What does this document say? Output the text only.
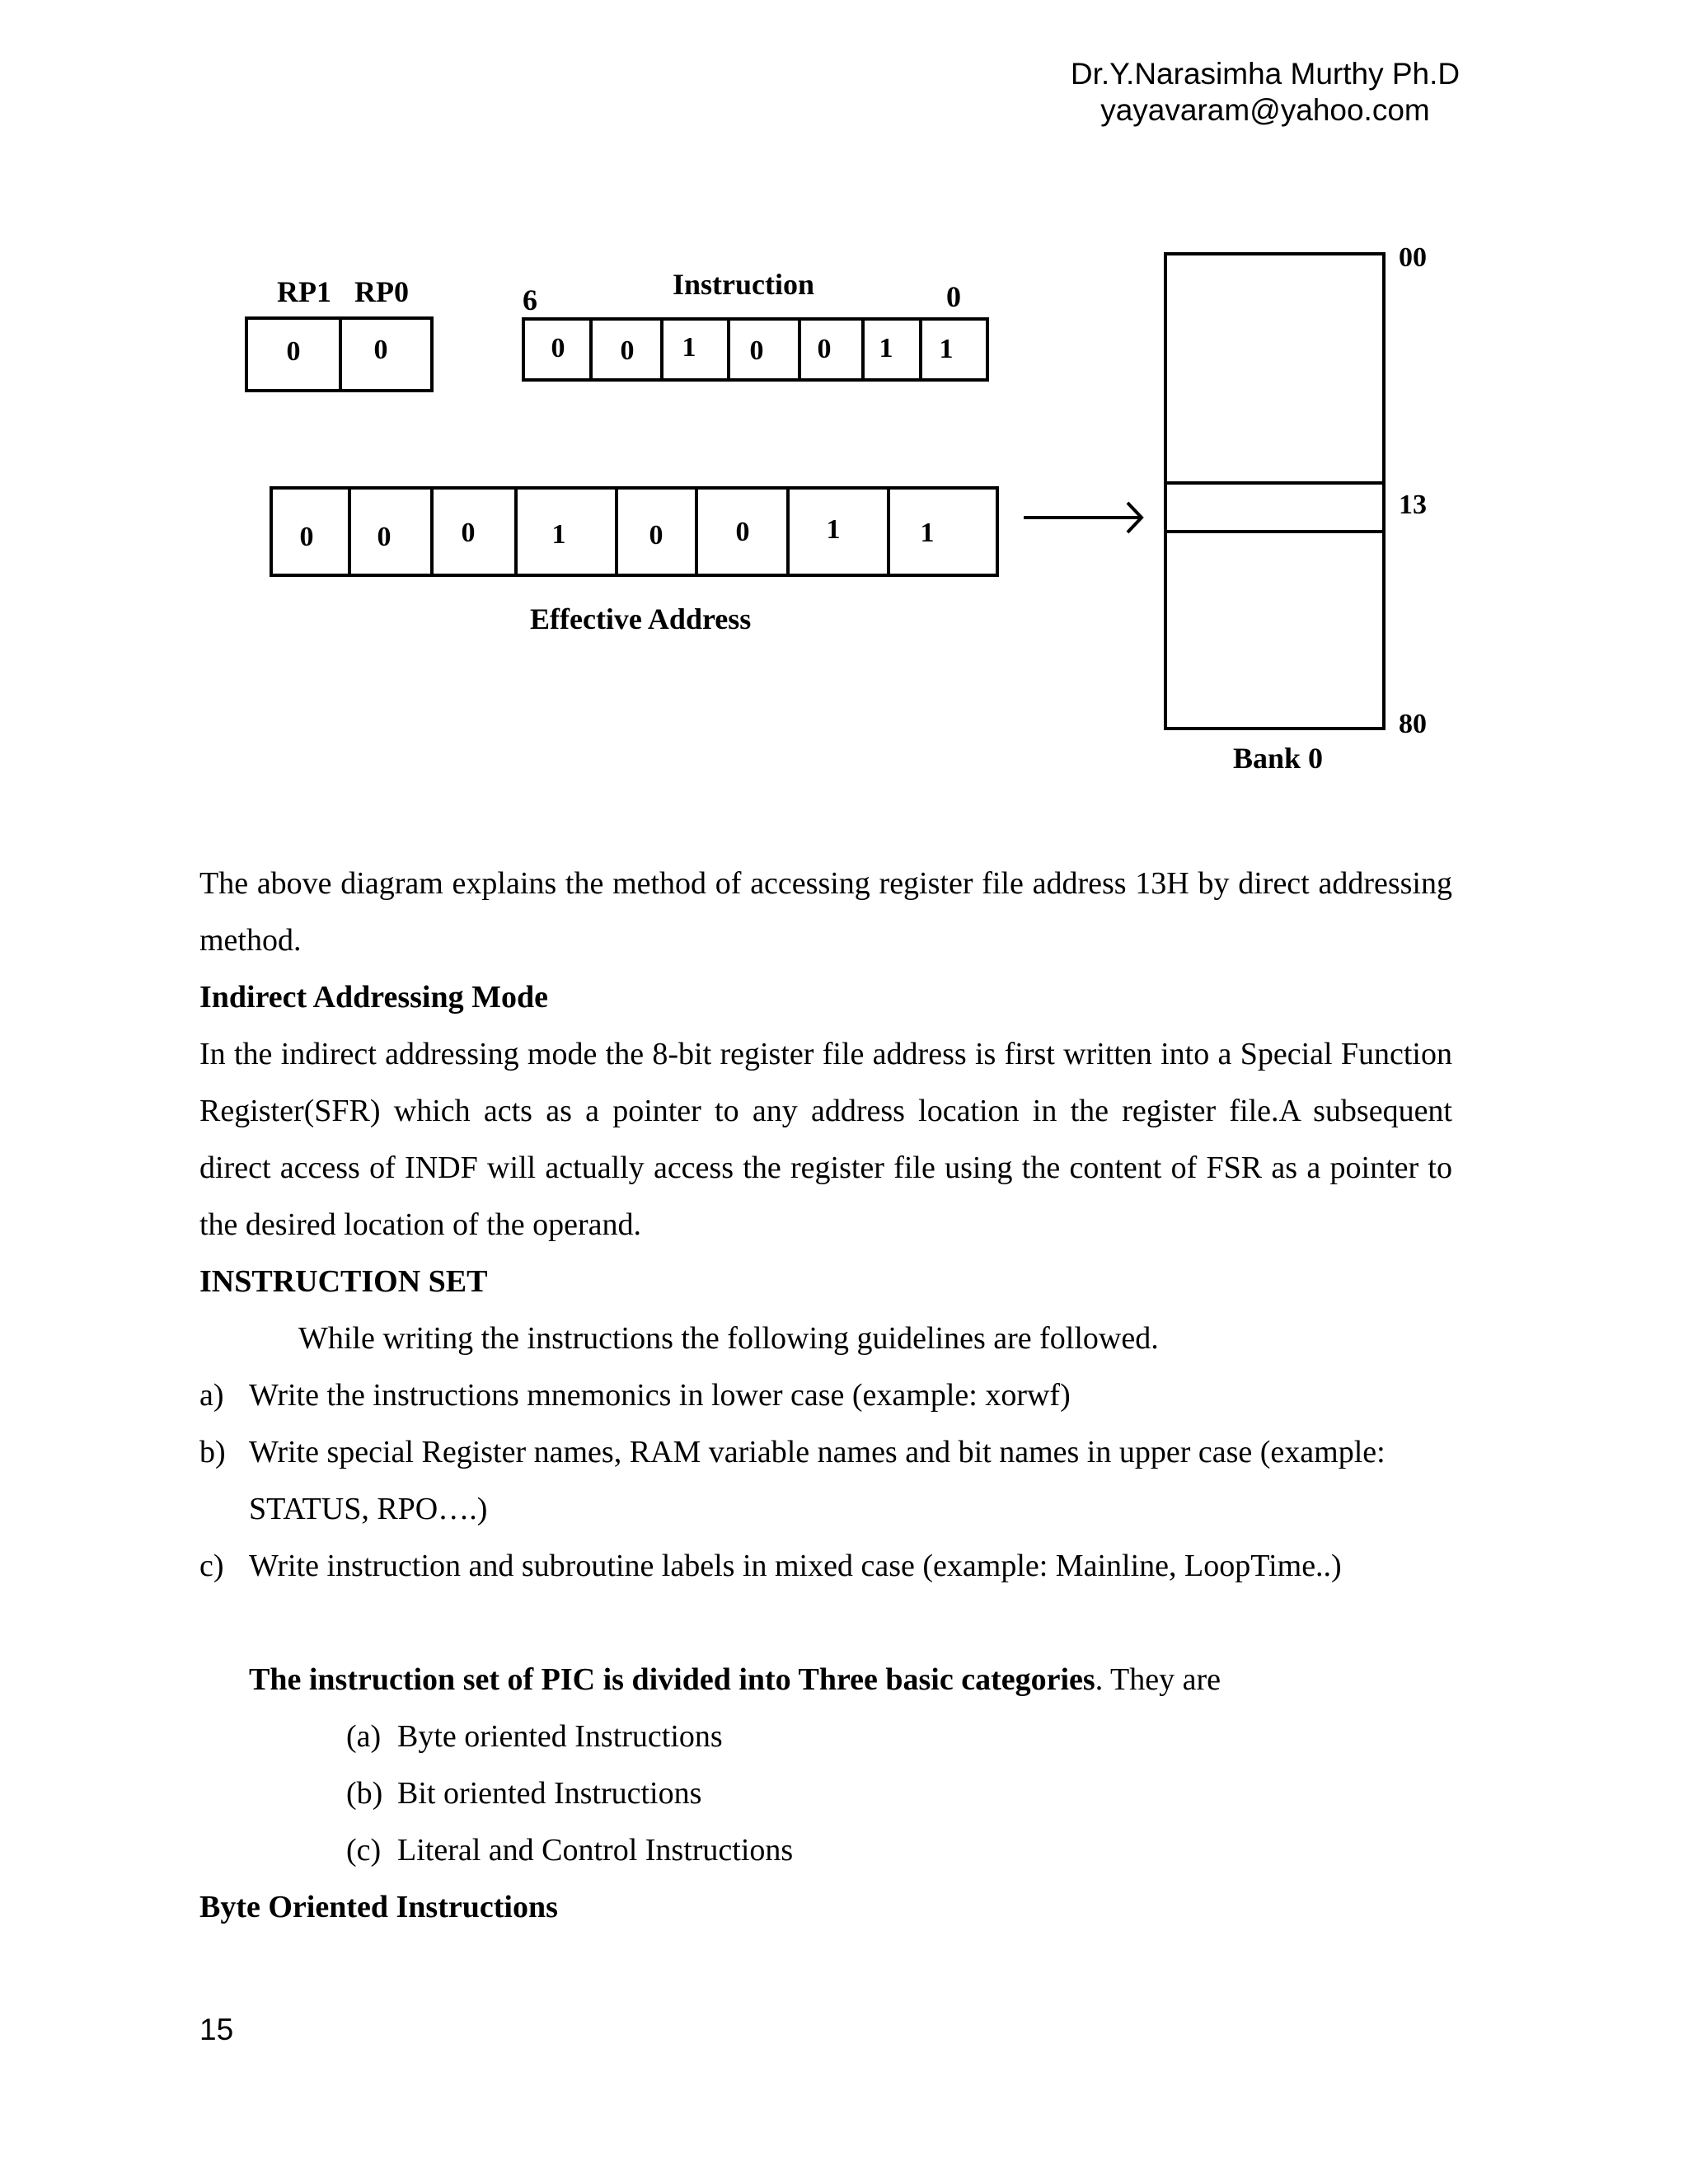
Dr.Y.Narasimha Murthy Ph.D
yayavaram@yahoo.com
RP1 RP0
0	0
Instruction
6	0
0 0 1 0 0 1 1
0 0	0	1	0	0	1	1
Effective Address
00
13
80
Bank 0
The above diagram explains the method of accessing register file address 13H by direct addressing method.
Indirect Addressing Mode
In the indirect addressing mode the 8-bit register file address is first written into a Special Function Register(SFR) which acts as a pointer to any address location in the register file.A subsequent direct access of INDF will actually access the register file using the content of FSR as a pointer to the desired location of the operand.
INSTRUCTION SET
While writing the instructions the following guidelines are followed.
a) Write the instructions mnemonics in lower case (example: xorwf)
b) Write special Register names, RAM variable names and bit names in upper case (example:
STATUS, RPO….)
c) Write instruction and subroutine labels in mixed case (example: Mainline, LoopTime..)
The instruction set of PIC is divided into Three basic categories. They are
(a) Byte oriented Instructions
(b) Bit oriented Instructions
(c) Literal and Control Instructions
Byte Oriented Instructions
15
